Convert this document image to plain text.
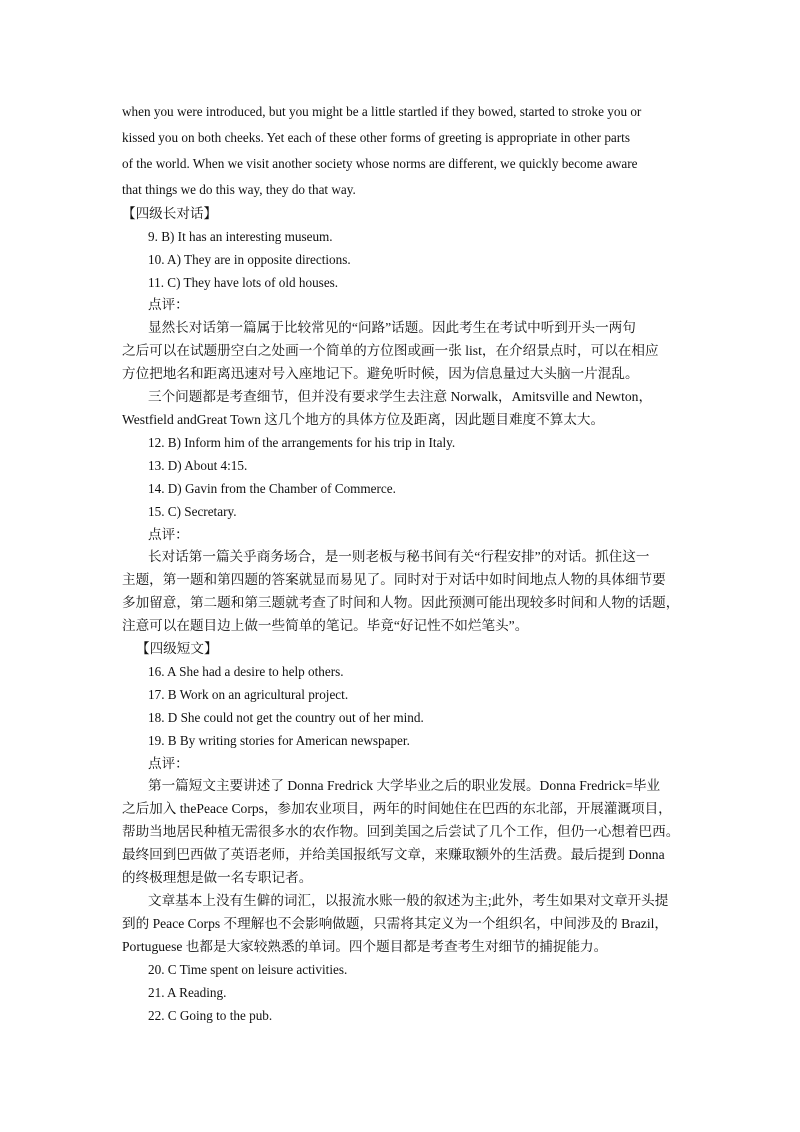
when you were introduced, but you might be a little startled if they bowed, started to stroke you or
kissed you on both cheeks. Yet each of these other forms of greeting is appropriate in other parts
of the world. When we visit another society whose norms are different, we quickly become aware
that things we do this way, they do that way.
【四级长对话】
9. B) It has an interesting museum.
10. A) They are in opposite directions.
11. C) They have lots of old houses.
点评：
显然长对话第一篇属于比较常见的“问路”话题。因此考生在考试中听到开头一两句
之后可以在试题册空白之处画一个简单的方位图或画一张 list，在介绍景点时，可以在相应
方位把地名和距离迅速对号入座地记下。避免听时候，因为信息量过大头脑一片混乱。
三个问题都是考查细节，但并没有要求学生去注意 Norwalk，Amitsville and Newton，
Westfield andGreat Town 这几个地方的具体方位及距离，因此题目难度不算太大。
12. B) Inform him of the arrangements for his trip in Italy.
13. D) About 4:15.
14. D) Gavin from the Chamber of Commerce.
15. C) Secretary.
点评：
长对话第一篇关乎商务场合，是一则老板与秘书间有关“行程安排”的对话。抓住这一
主题，第一题和第四题的答案就显而易见了。同时对于对话中如时间地点人物的具体细节要
多加留意，第二题和第三题就考查了时间和人物。因此预测可能出现较多时间和人物的话题，
注意可以在题目边上做一些简单的笔记。毕竟“好记性不如烂笔头”。
【四级短文】
16. A She had a desire to help others.
17. B Work on an agricultural project.
18. D She could not get the country out of her mind.
19. B By writing stories for American newspaper.
点评：
第一篇短文主要讲述了 Donna Fredrick 大学毕业之后的职业发展。Donna Fredrick=毕业
之后加入 thePeace Corps，参加农业项目，两年的时间她住在巴西的东北部，开展灌溉项目，
帮助当地居民种植无需很多水的农作物。回到美国之后尝试了几个工作，但仍一心想着巴西。
最终回到巴西做了英语老师，并给美国报纸写文章，来赚取额外的生活费。最后提到 Donna
的终极理想是做一名专职记者。
文章基本上没有生僻的词汇，以报流水账一般的叙述为主;此外，考生如果对文章开头提
到的 Peace Corps 不理解也不会影响做题，只需将其定义为一个组织名，中间涉及的 Brazil，
Portuguese 也都是大家较熟悉的单词。四个题目都是考查考生对细节的捕捉能力。
20. C Time spent on leisure activities.
21. A Reading.
22. C Going to the pub.
